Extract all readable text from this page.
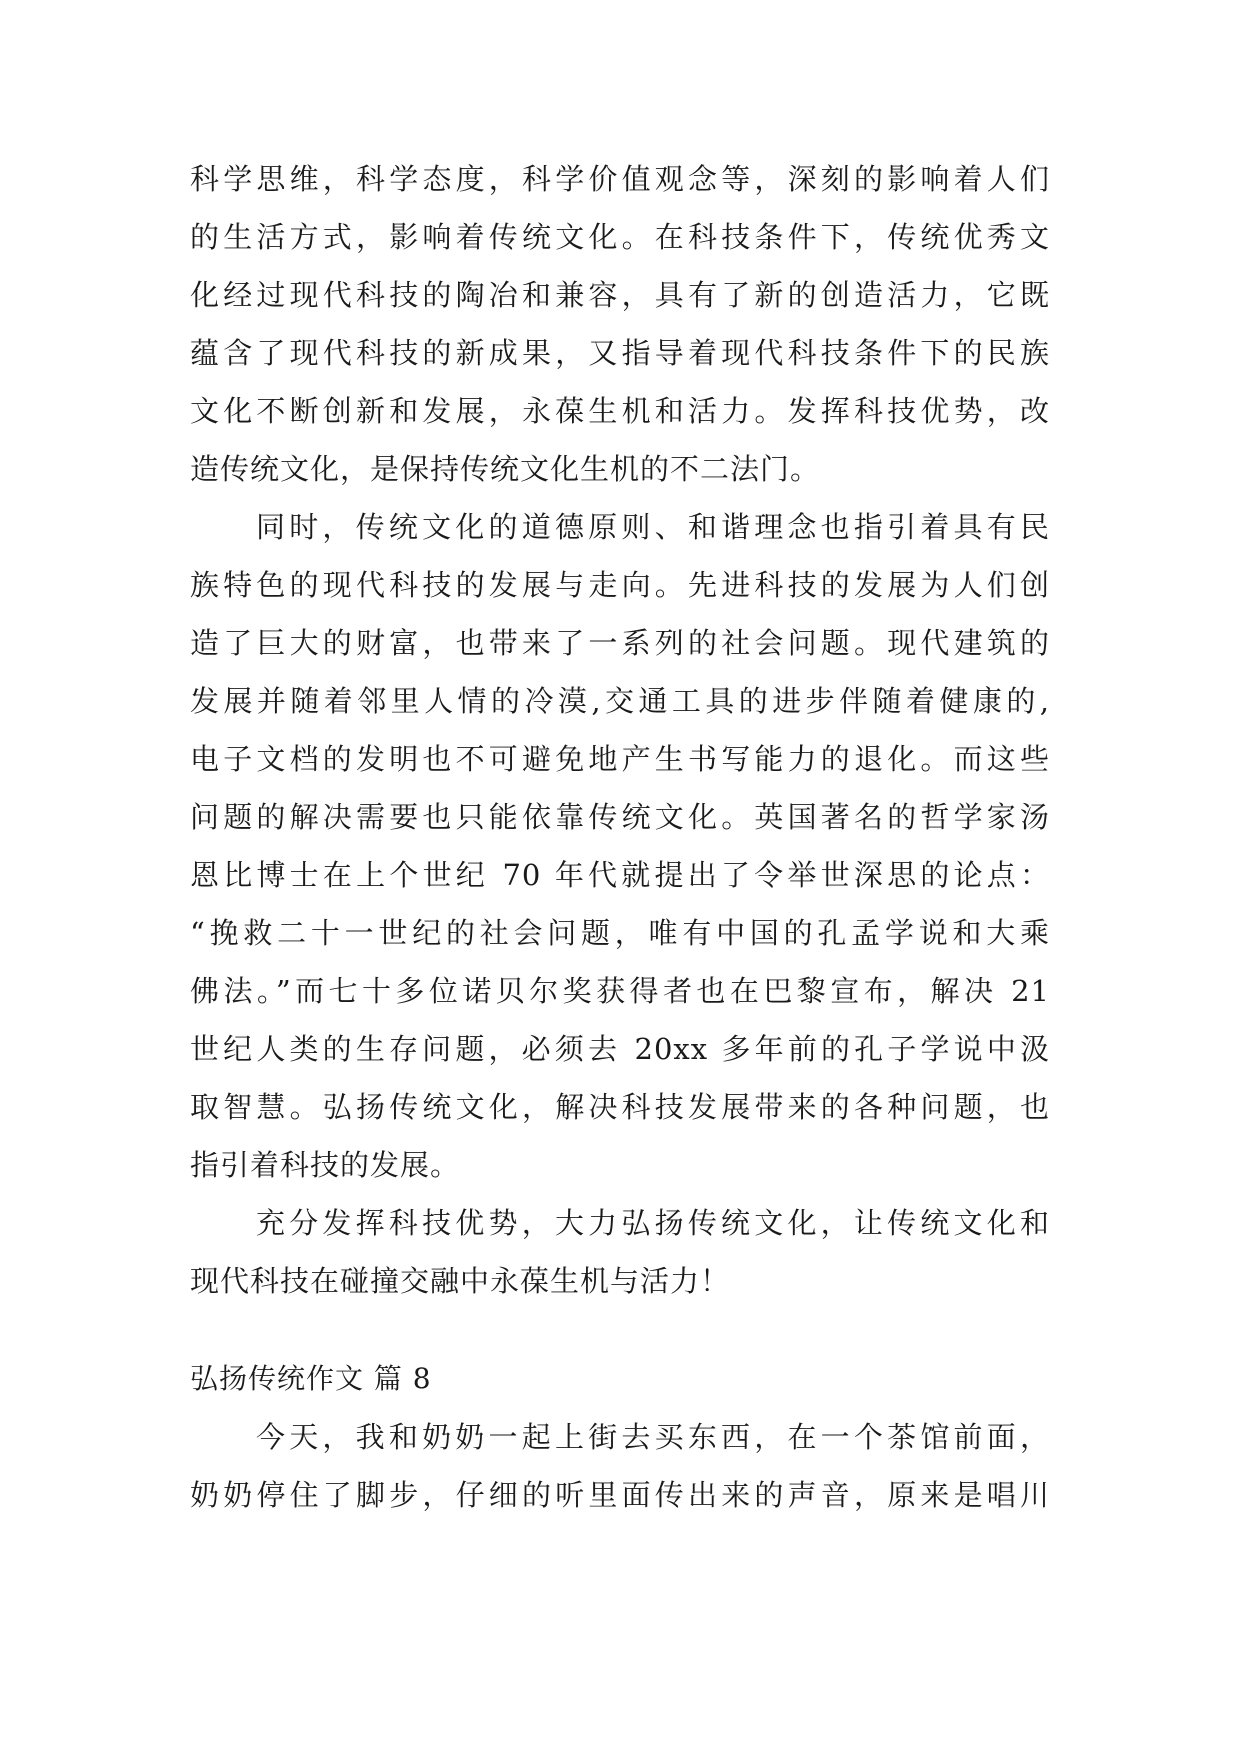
科学思维，科学态度，科学价值观念等，深刻的影响着人们
的生活方式，影响着传统文化。在科技条件下，传统优秀文
化经过现代科技的陶冶和兼容，具有了新的创造活力，它既
蕴含了现代科技的新成果，又指导着现代科技条件下的民族
文化不断创新和发展，永葆生机和活力。发挥科技优势，改
造传统文化，是保持传统文化生机的不二法门。
同时，传统文化的道德原则、和谐理念也指引着具有民
族特色的现代科技的发展与走向。先进科技的发展为人们创
造了巨大的财富，也带来了一系列的社会问题。现代建筑的
发展并随着邻里人情的冷漠,交通工具的进步伴随着健康的,
电子文档的发明也不可避免地产生书写能力的退化。而这些
问题的解决需要也只能依靠传统文化。英国著名的哲学家汤
恩比博士在上个世纪 70 年代就提出了令举世深思的论点：
“挽救二十一世纪的社会问题，唯有中国的孔孟学说和大乘
佛法。”而七十多位诺贝尔奖获得者也在巴黎宣布，解决 21
世纪人类的生存问题，必须去 20xx 多年前的孔子学说中汲
取智慧。弘扬传统文化，解决科技发展带来的各种问题，也
指引着科技的发展。
充分发挥科技优势，大力弘扬传统文化，让传统文化和
现代科技在碰撞交融中永葆生机与活力！
弘扬传统作文 篇 8
今天，我和奶奶一起上街去买东西，在一个茶馆前面，
奶奶停住了脚步，仔细的听里面传出来的声音，原来是唱川
